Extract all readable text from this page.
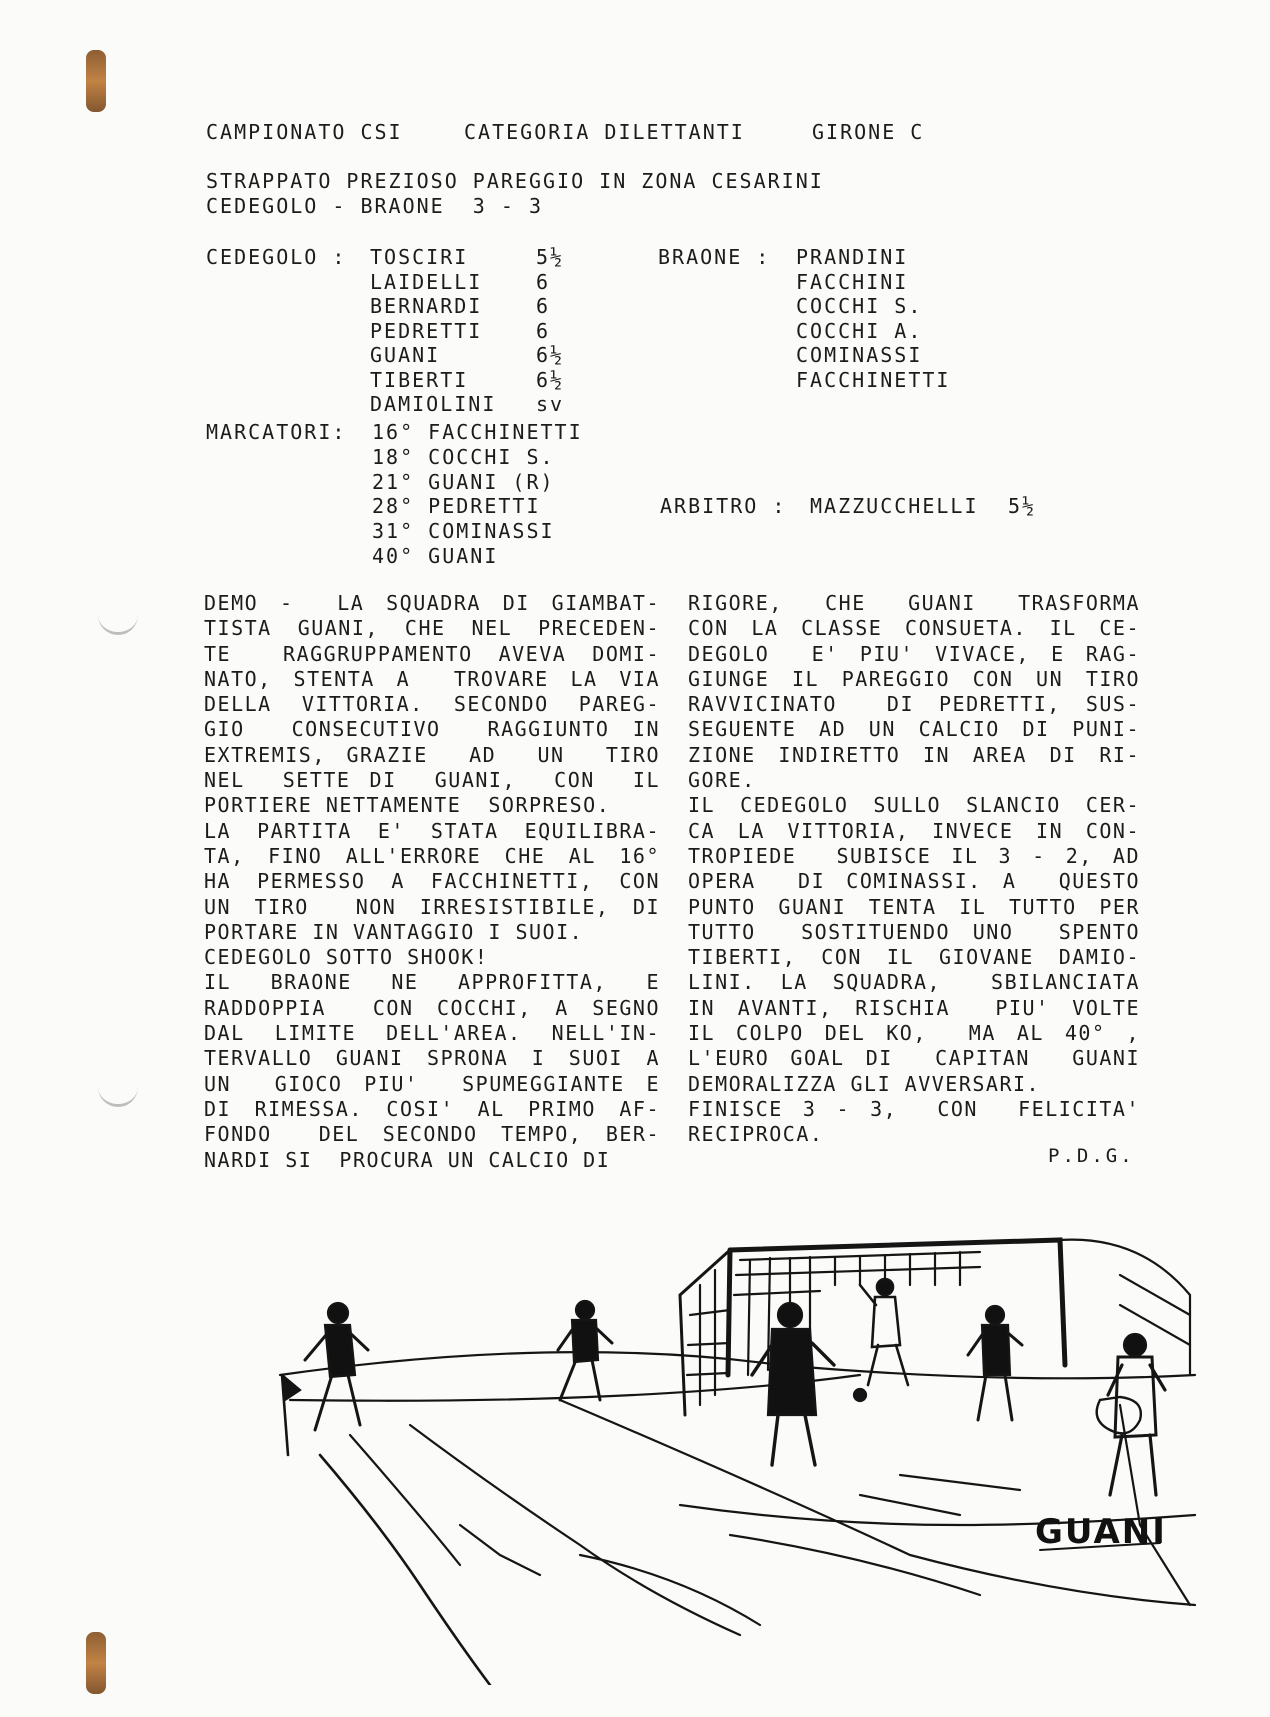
CAMPIONATO CSI	CATEGORIA DILETTANTI	GIRONE C
STRAPPATO PREZIOSO PAREGGIO IN ZONA CESARINI
CEDEGOLO - BRAONE  3 - 3
CEDEGOLO : TOSCIRI	5½
LAIDELLI	6
BERNARDI	6
PEDRETTI	6
GUANI	6½
TIBERTI	6½
DAMIOLINI sv
BRAONE : PRANDINI
FACCHINI
COCCHI S.
COCCHI A.
COMINASSI
FACCHINETTI
MARCATORI: 16° FACCHINETTI
18° COCCHI S.
21° GUANI (R)
28° PEDRETTI
31° COMINASSI
40° GUANI
ARBITRO : MAZZUCCHELLI 5½
DEMO -  LA SQUADRA DI GIAMBAT-
TISTA GUANI, CHE NEL PRECEDEN-
TE  RAGGRUPPAMENTO AVEVA DOMI-
NATO, STENTA A  TROVARE LA VIA
DELLA VITTORIA. SECONDO PAREG-
GIO  CONSECUTIVO  RAGGIUNTO IN
EXTREMIS, GRAZIE  AD  UN  TIRO
NEL  SETTE DI  GUANI,  CON  IL
PORTIERE NETTAMENTE  SORPRESO.
LA PARTITA E' STATA EQUILIBRA-
TA, FINO ALL'ERRORE CHE AL 16°
HA PERMESSO A FACCHINETTI, CON
UN TIRO  NON IRRESISTIBILE, DI
PORTARE IN VANTAGGIO I SUOI.
CEDEGOLO SOTTO SHOOK!
IL  BRAONE  NE  APPROFITTA,  E
RADDOPPIA  CON COCCHI, A SEGNO
DAL LIMITE DELL'AREA. NELL'IN-
TERVALLO GUANI SPRONA I SUOI A
UN  GIOCO PIU'  SPUMEGGIANTE E
DI RIMESSA. COSI' AL PRIMO AF-
FONDO  DEL SECONDO TEMPO, BER-
NARDI SI  PROCURA UN CALCIO DI
RIGORE,  CHE  GUANI  TRASFORMA
CON LA CLASSE CONSUETA. IL CE-
DEGOLO  E' PIU' VIVACE, E RAG-
GIUNGE IL PAREGGIO CON UN TIRO
RAVVICINATO  DI PEDRETTI, SUS-
SEGUENTE AD UN CALCIO DI PUNI-
ZIONE INDIRETTO IN AREA DI RI-
GORE.
IL CEDEGOLO SULLO SLANCIO CER-
CA LA VITTORIA, INVECE IN CON-
TROPIEDE  SUBISCE IL 3 - 2, AD
OPERA  DI COMINASSI. A  QUESTO
PUNTO GUANI TENTA IL TUTTO PER
TUTTO  SOSTITUENDO UNO  SPENTO
TIBERTI, CON IL GIOVANE DAMIO-
LINI. LA SQUADRA,  SBILANCIATA
IN AVANTI, RISCHIA  PIU' VOLTE
IL COLPO DEL KO,  MA AL 40° ,
L'EURO GOAL DI  CAPITAN  GUANI
DEMORALIZZA GLI AVVERSARI.
FINISCE 3 - 3,  CON  FELICITA'
RECIPROCA.
P.D.G.
GUANI
